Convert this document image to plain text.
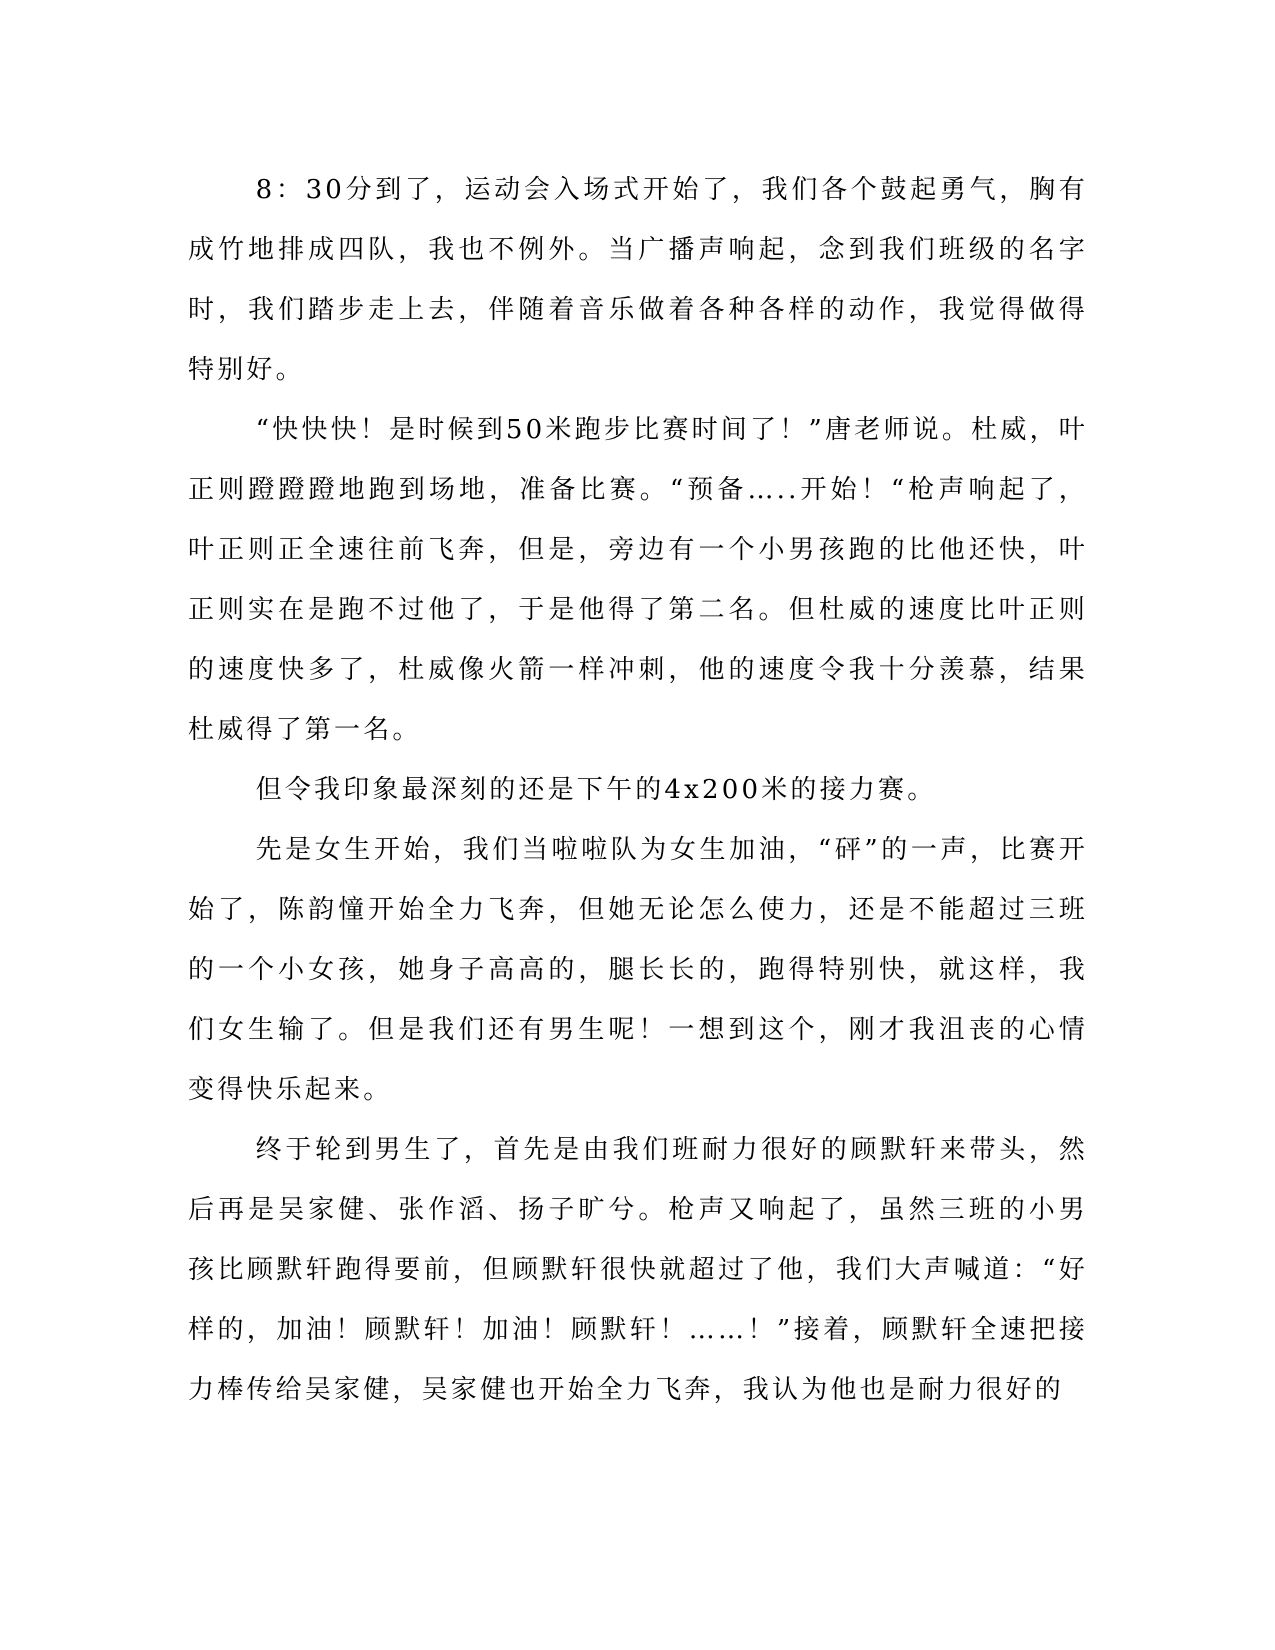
8：30分到了，运动会入场式开始了，我们各个鼓起勇气，胸有成竹地排成四队，我也不例外。当广播声响起，念到我们班级的名字时，我们踏步走上去，伴随着音乐做着各种各样的动作，我觉得做得特别好。

“快快快！是时候到50米跑步比赛时间了！”唐老师说。杜威，叶正则蹬蹬蹬地跑到场地，准备比赛。“预备…..开始！“枪声响起了，叶正则正全速往前飞奔，但是，旁边有一个小男孩跑的比他还快，叶正则实在是跑不过他了，于是他得了第二名。但杜威的速度比叶正则的速度快多了，杜威像火箭一样冲刺，他的速度令我十分羡慕，结果杜威得了第一名。

但令我印象最深刻的还是下午的4x200米的接力赛。

先是女生开始，我们当啦啦队为女生加油，“砰”的一声，比赛开始了，陈韵憧开始全力飞奔，但她无论怎么使力，还是不能超过三班的一个小女孩，她身子高高的，腿长长的，跑得特别快，就这样，我们女生输了。但是我们还有男生呢！一想到这个，刚才我沮丧的心情变得快乐起来。

终于轮到男生了，首先是由我们班耐力很好的顾默轩来带头，然后再是吴家健、张作滔、扬子旷兮。枪声又响起了，虽然三班的小男孩比顾默轩跑得要前，但顾默轩很快就超过了他，我们大声喊道：“好样的，加油！顾默轩！加油！顾默轩！……！”接着，顾默轩全速把接力棒传给吴家健，吴家健也开始全力飞奔，我认为他也是耐力很好的
